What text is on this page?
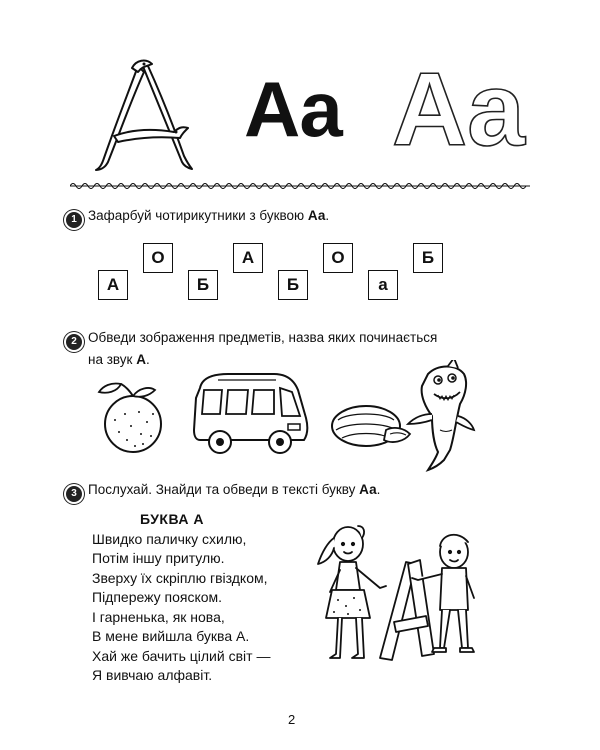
Aa Aa
1 Зафарбуй чотирикутники з буквою Аа.
А
О
Б
А
Б
О
а
Б
2 Обведи зображення предметів, назва яких починається
на звук А.
3 Послухай. Знайди та обведи в тексті букву Аа.
БУКВА А
Швидко паличку схилю,
Потім іншу притулю.
Зверху їх скріплю гвіздком,
Підпережу пояском.
І гарненька, як нова,
В мене вийшла буква А.
Хай же бачить цілий світ —
Я вивчаю алфавіт.
2
